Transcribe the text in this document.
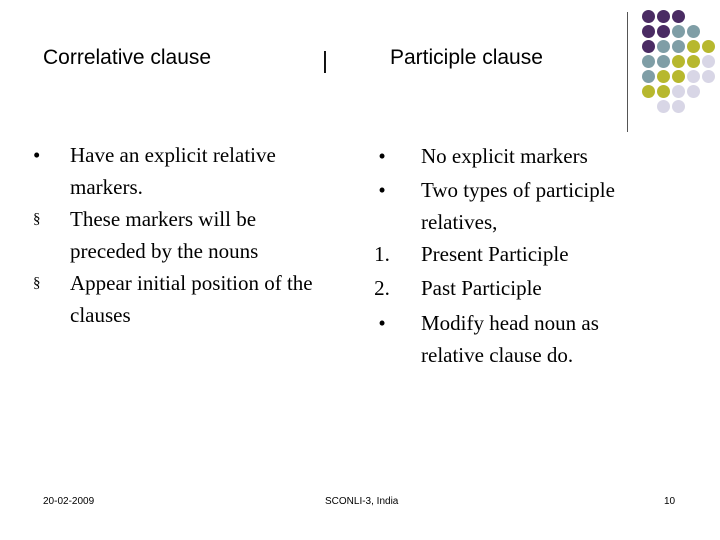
Correlative clause	|	Participle clause
•	Have an explicit relative
markers.
§	These markers will be
preceded by the nouns
§	Appear initial position of the
clauses
•	No explicit markers
•	Two types of participle
relatives,
1.	Present Participle
2.	Past Participle
•	Modify head noun as
relative clause do.
20-02-2009	SCONLI-3, India	10
